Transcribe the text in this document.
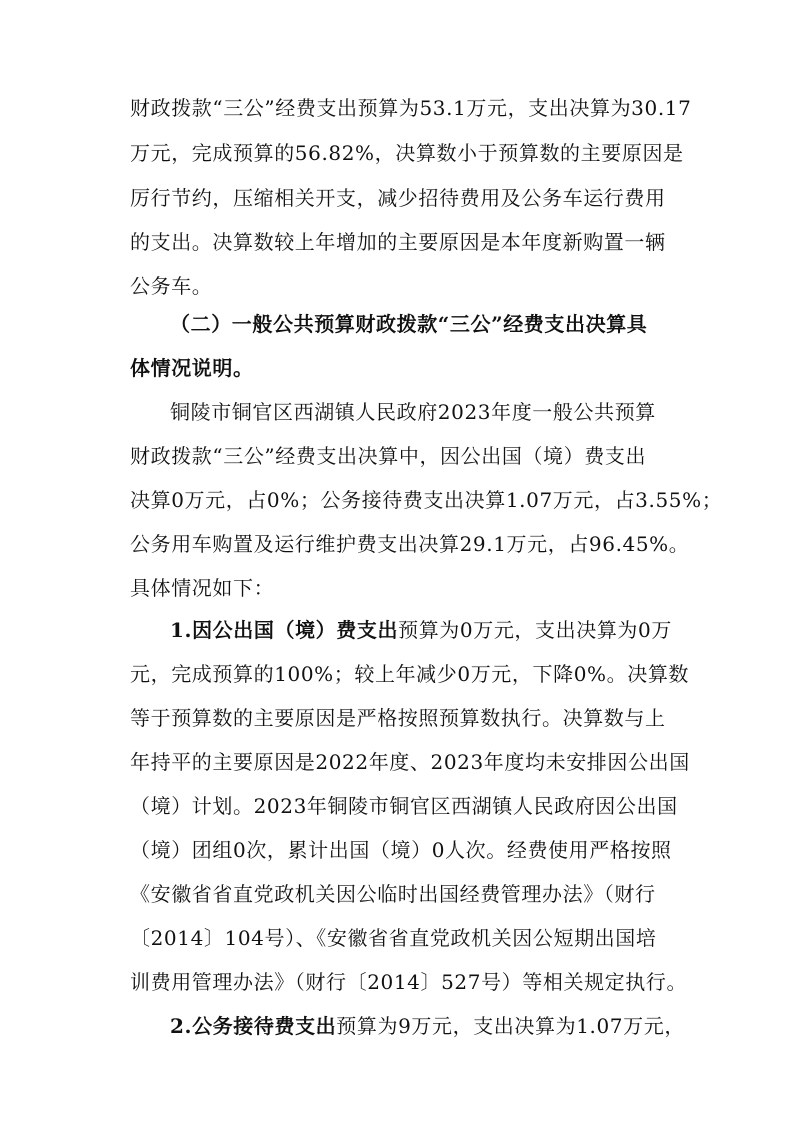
财政拨款“三公”经费支出预算为53.1万元，支出决算为30.17
万元，完成预算的56.82%，决算数小于预算数的主要原因是
厉行节约，压缩相关开支，减少招待费用及公务车运行费用
的支出。决算数较上年增加的主要原因是本年度新购置一辆
公务车。
（二）一般公共预算财政拨款“三公”经费支出决算具
体情况说明。
铜陵市铜官区西湖镇人民政府2023年度一般公共预算
财政拨款“三公”经费支出决算中，因公出国（境）费支出
决算0万元，占0%；公务接待费支出决算1.07万元，占3.55%；
公务用车购置及运行维护费支出决算29.1万元，占96.45%。
具体情况如下：
1.因公出国（境）费支出预算为0万元，支出决算为0万
元，完成预算的100%；较上年减少0万元，下降0%。决算数
等于预算数的主要原因是严格按照预算数执行。决算数与上
年持平的主要原因是2022年度、2023年度均未安排因公出国
（境）计划。2023年铜陵市铜官区西湖镇人民政府因公出国
（境）团组0次，累计出国（境）0人次。经费使用严格按照
《安徽省省直党政机关因公临时出国经费管理办法》（财行
〔2014〕104号）、《安徽省省直党政机关因公短期出国培
训费用管理办法》（财行〔2014〕527号）等相关规定执行。
2.公务接待费支出预算为9万元，支出决算为1.07万元，
